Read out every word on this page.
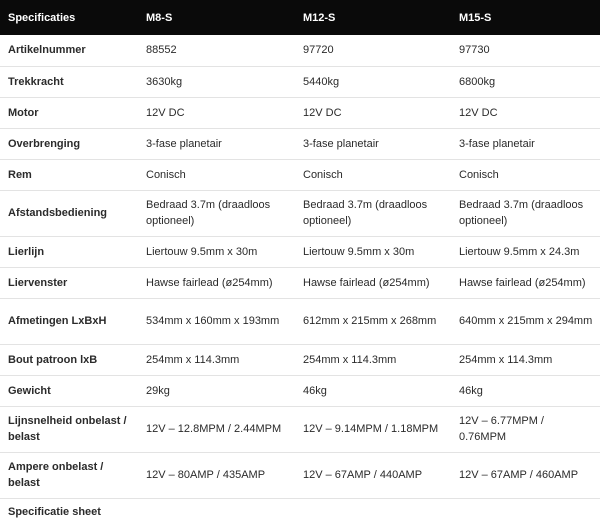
Specificaties	M8-S	M12-S	M15-S
Artikelnummer	88552	97720	97730
Trekkracht	3630kg	5440kg	6800kg
Motor	12V DC	12V DC	12V DC
Overbrenging	3-fase planetair	3-fase planetair	3-fase planetair
Rem	Conisch	Conisch	Conisch
Afstandsbediening	Bedraad 3.7m (draadloos optioneel)	Bedraad 3.7m (draadloos optioneel)	Bedraad 3.7m (draadloos optioneel)
Lierlijn	Liertouw 9.5mm x 30m	Liertouw 9.5mm x 30m	Liertouw 9.5mm x 24.3m
Liervenster	Hawse fairlead (ø254mm)	Hawse fairlead (ø254mm)	Hawse fairlead (ø254mm)
Afmetingen LxBxH	534mm x 160mm x 193mm	612mm x 215mm x 268mm	640mm x 215mm x 294mm
Bout patroon lxB	254mm x 114.3mm	254mm x 114.3mm	254mm x 114.3mm
Gewicht	29kg	46kg	46kg
Lijnsnelheid onbelast / belast	12V – 12.8MPM / 2.44MPM	12V – 9.14MPM / 1.18MPM	12V – 6.77MPM / 0.76MPM
Ampere onbelast / belast	12V – 80AMP / 435AMP	12V – 67AMP / 440AMP	12V – 67AMP / 460AMP
Specificatie sheet			
